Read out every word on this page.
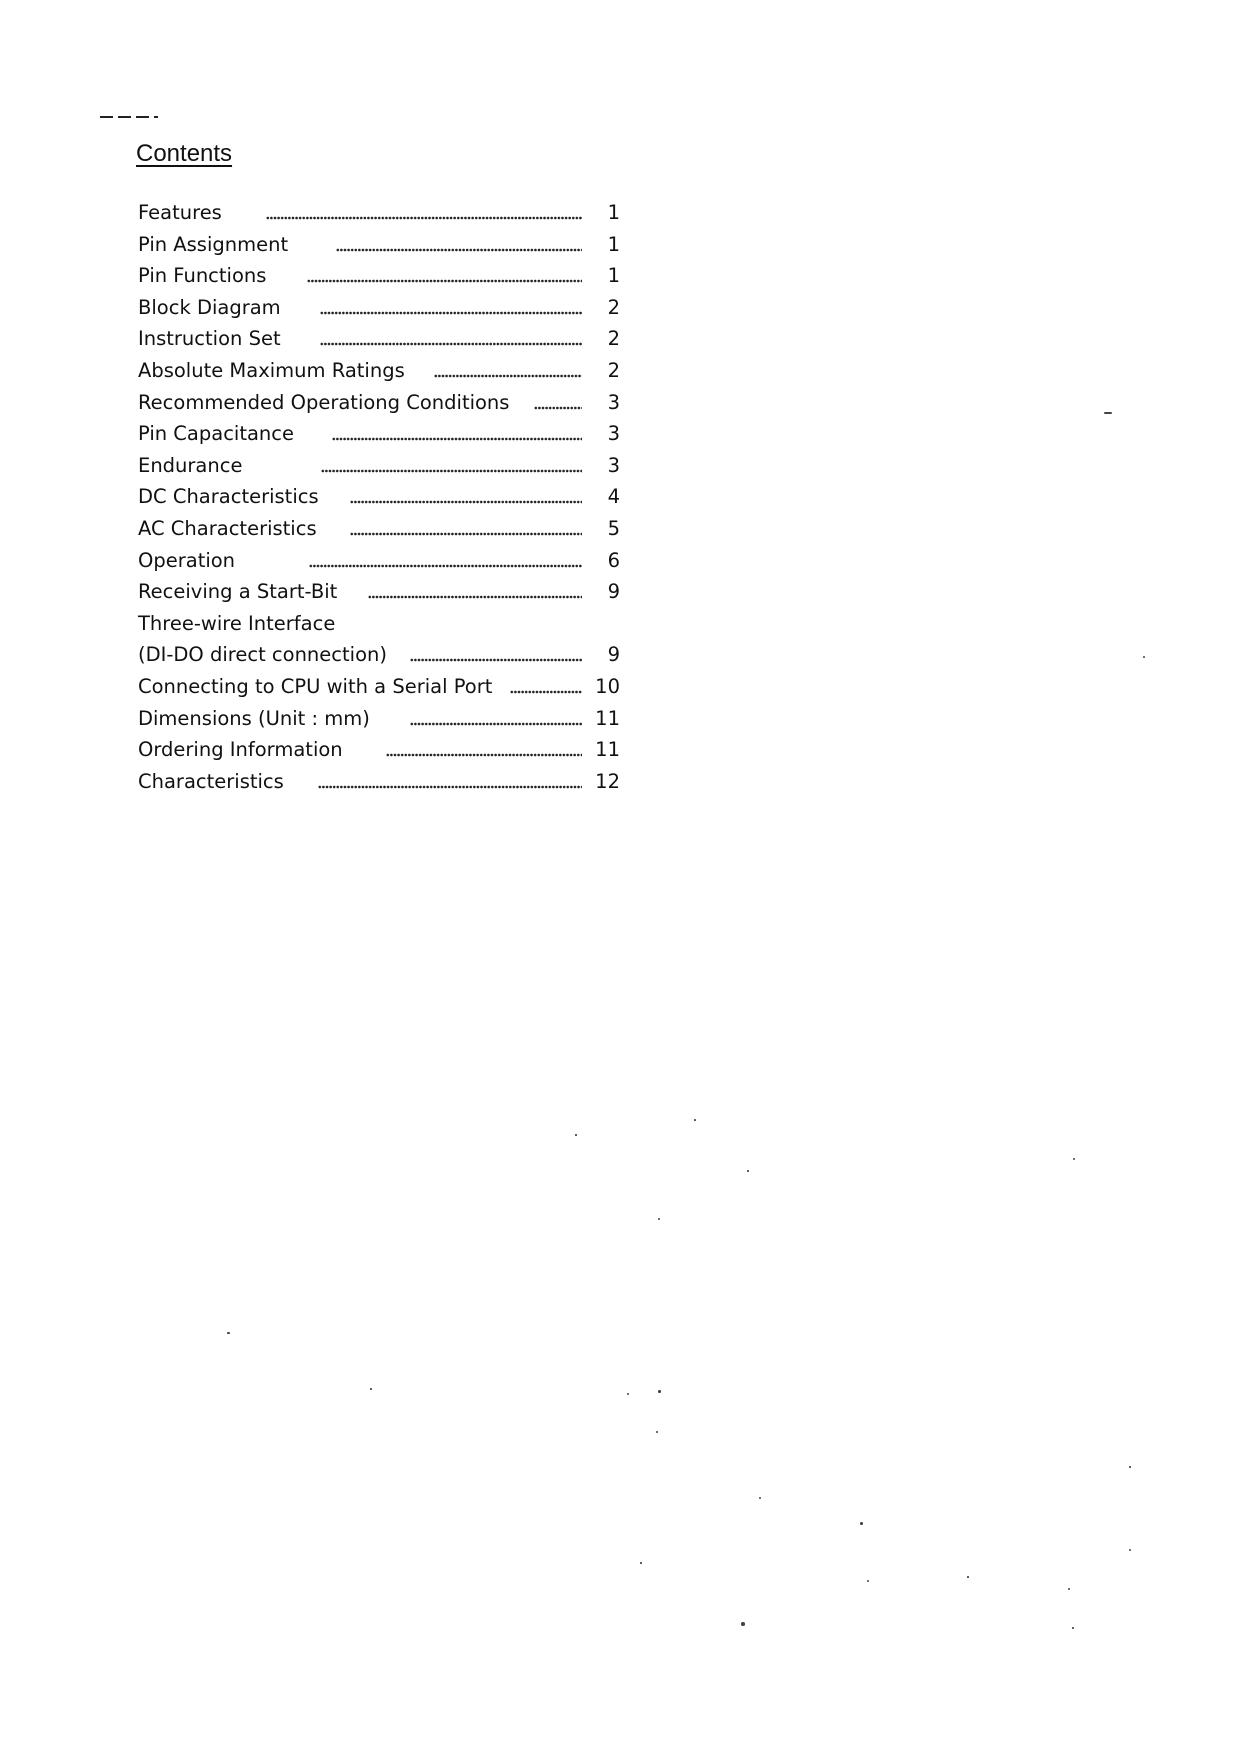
Contents
Features	1
Pin Assignment	1
Pin Functions	1
Block Diagram	2
Instruction Set	2
Absolute Maximum Ratings	2
Recommended Operationg Conditions	3
Pin Capacitance	3
Endurance	3
DC Characteristics	4
AC Characteristics	5
Operation	6
Receiving a Start-Bit	9
Three-wire Interface
(DI-DO direct connection)	9
Connecting to CPU with a Serial Port	10
Dimensions (Unit : mm)	11
Ordering Information	11
Characteristics	12
